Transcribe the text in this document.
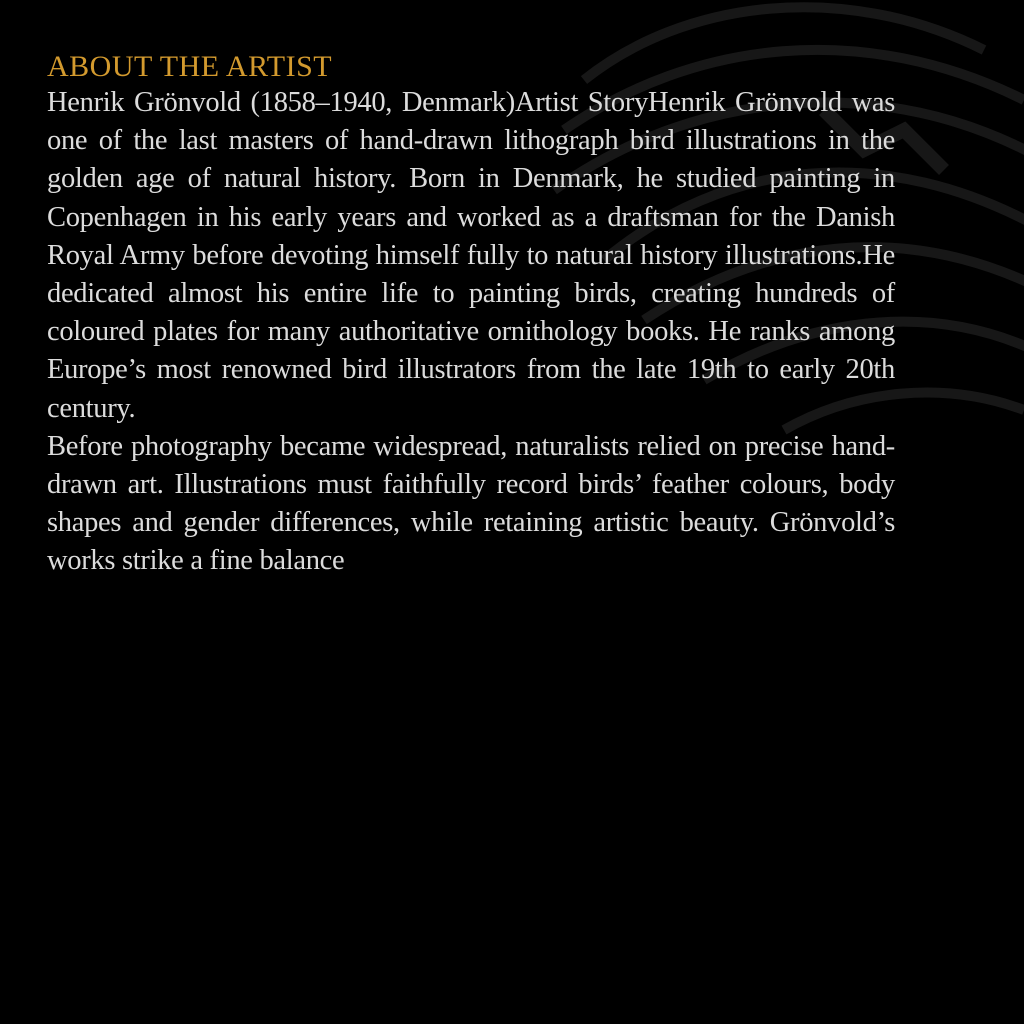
ABOUT THE ARTIST

Henrik Grönvold (1858–1940, Denmark)Artist StoryHenrik Grönvold was one of the last masters of hand-drawn lithograph bird illustrations in the golden age of natural history. Born in Denmark, he studied painting in Copenhagen in his early years and worked as a draftsman for the Danish Royal Army before devoting himself fully to natural history illustrations.He dedicated almost his entire life to painting birds, creating hundreds of coloured plates for many authoritative ornithology books. He ranks among Europe’s most renowned bird illustrators from the late 19th to early 20th century.

Before photography became widespread, naturalists relied on precise hand-drawn art. Illustrations must faithfully record birds’ feather colours, body shapes and gender differences, while retaining artistic beauty. Grönvold’s works strike a fine balance
